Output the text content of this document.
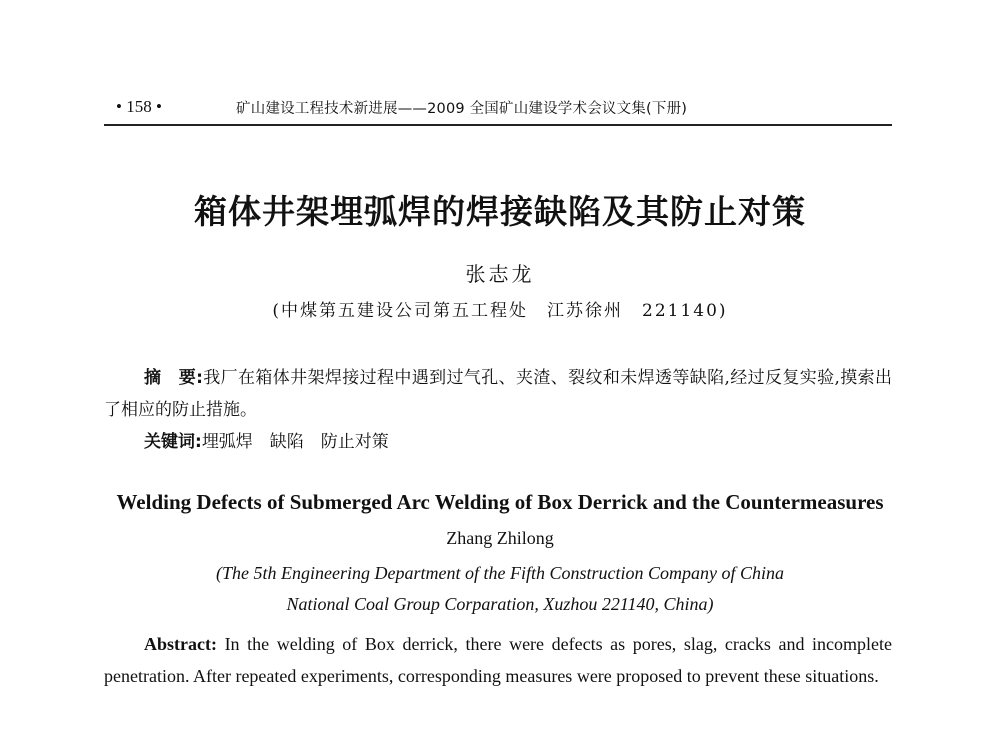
• 158 •	矿山建设工程技术新进展——2009 全国矿山建设学术会议文集(下册)
箱体井架埋弧焊的焊接缺陷及其防止对策
张志龙
(中煤第五建设公司第五工程处　江苏徐州　221140)
摘　要:我厂在箱体井架焊接过程中遇到过气孔、夹渣、裂纹和未焊透等缺陷,经过反复实验,摸索出了相应的防止措施。
关键词:埋弧焊　缺陷　防止对策
Welding Defects of Submerged Arc Welding of Box Derrick and the Countermeasures
Zhang Zhilong
(The 5th Engineering Department of the Fifth Construction Company of China
National Coal Group Corparation, Xuzhou 221140, China)
Abstract: In the welding of Box derrick, there were defects as pores, slag, cracks and incomplete penetration. After repeated experiments, corresponding measures were proposed to prevent these situations.
